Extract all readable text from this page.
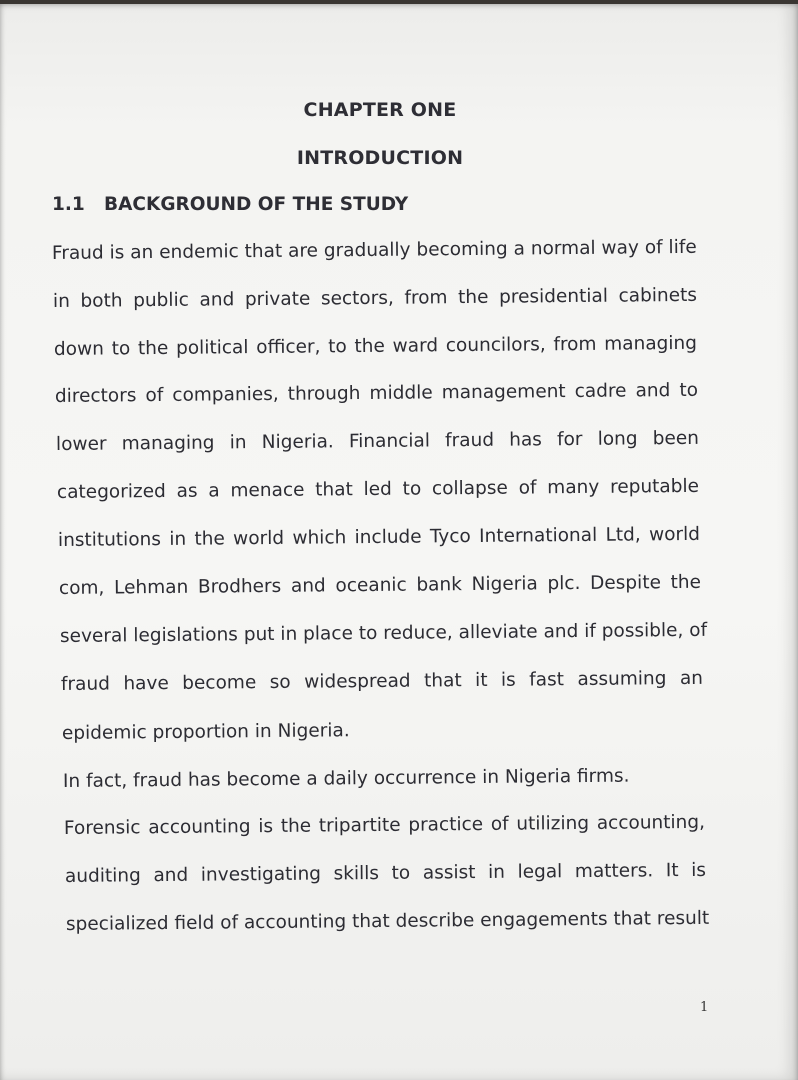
CHAPTER ONE
INTRODUCTION
1.1 BACKGROUND OF THE STUDY
Fraud is an endemic that are gradually becoming a normal way of life
in both public and private sectors, from the presidential cabinets
down to the political officer, to the ward councilors, from managing
directors of companies, through middle management cadre and to
lower managing in Nigeria. Financial fraud has for long been
categorized as a menace that led to collapse of many reputable
institutions in the world which include Tyco International Ltd, world
com, Lehman Brodhers and oceanic bank Nigeria plc. Despite the
several legislations put in place to reduce, alleviate and if possible, of
fraud have become so widespread that it is fast assuming an
epidemic proportion in Nigeria.
In fact, fraud has become a daily occurrence in Nigeria firms.
Forensic accounting is the tripartite practice of utilizing accounting,
auditing and investigating skills to assist in legal matters. It is
specialized field of accounting that describe engagements that result
1
